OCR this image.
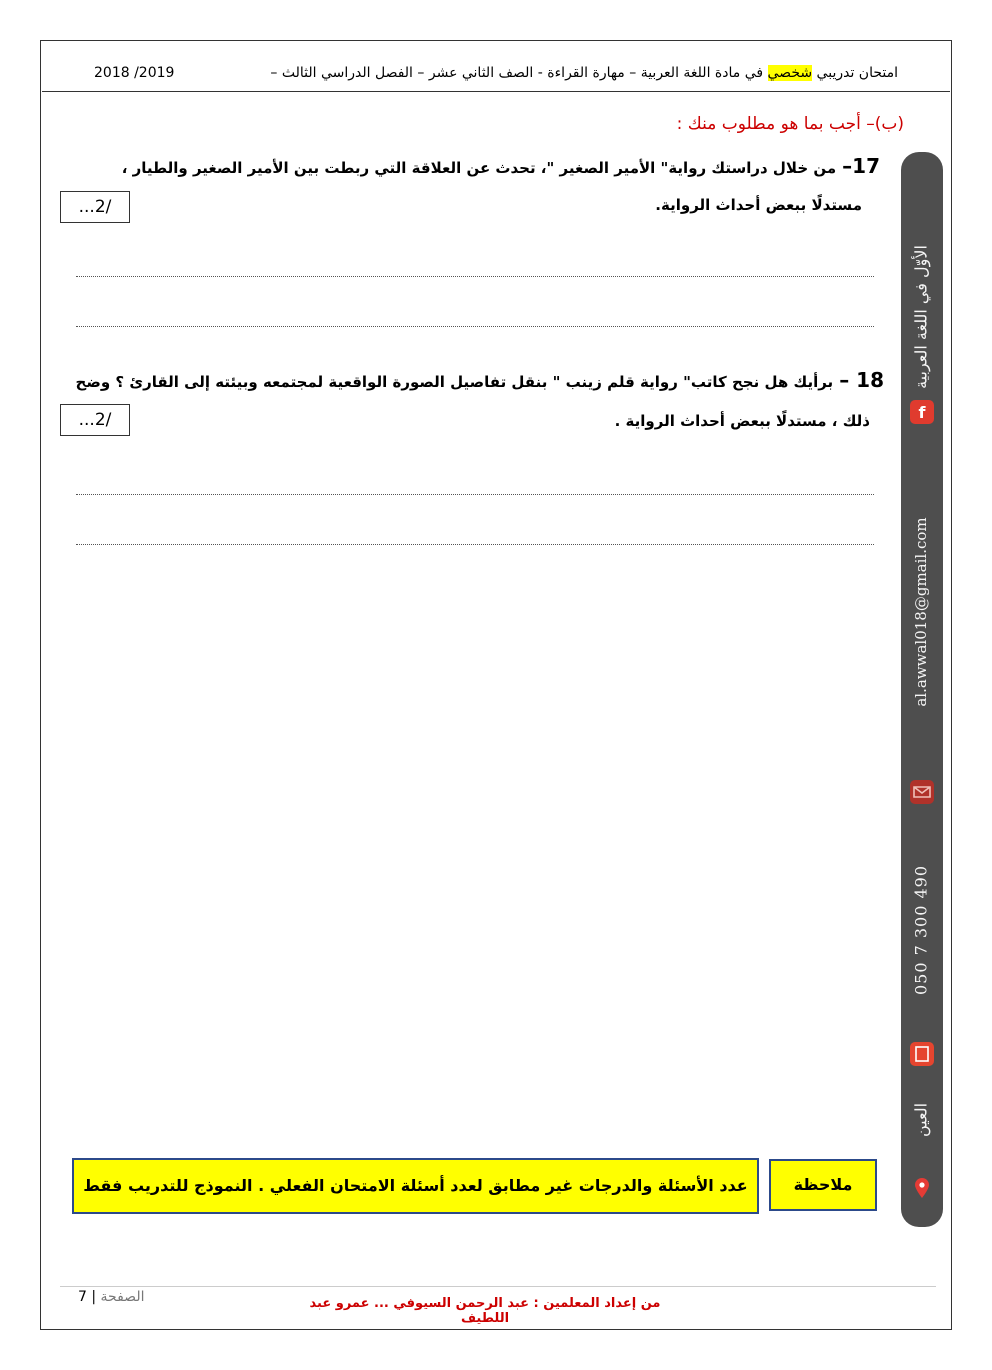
امتحان تدريبي شخصي في مادة اللغة العربية – مهارة القراءة - الصف الثاني عشر – الفصل الدراسي الثالث –
2018 /2019
(ب)– أجب بما هو مطلوب منك :
17–من خلال دراستك رواية" الأمير الصغير "، تحدث عن العلاقة التي ربطت بين الأمير الصغير والطيار ،
مستدلًا ببعض أحداث الرواية.
...2/
18 –برأيك هل نجح كاتب" رواية قلم زينب " بنقل تفاصيل الصورة الواقعية لمجتمعه وبيئته إلى القارئ ؟ وضح
ذلك ، مستدلًا ببعض أحداث الرواية .
...2/
الأوّل في اللغة العربية
f
al.awwal018@gmail.com
050 7 300 490
العين
ملاحظة
عدد الأسئلة والدرجات غير مطابق لعدد أسئلة الامتحان الفعلي . النموذج للتدريب فقط
الصفحة | 7	من إعداد المعلمين : عبد الرحمن السيوفي ... عمرو عبد اللطيف
